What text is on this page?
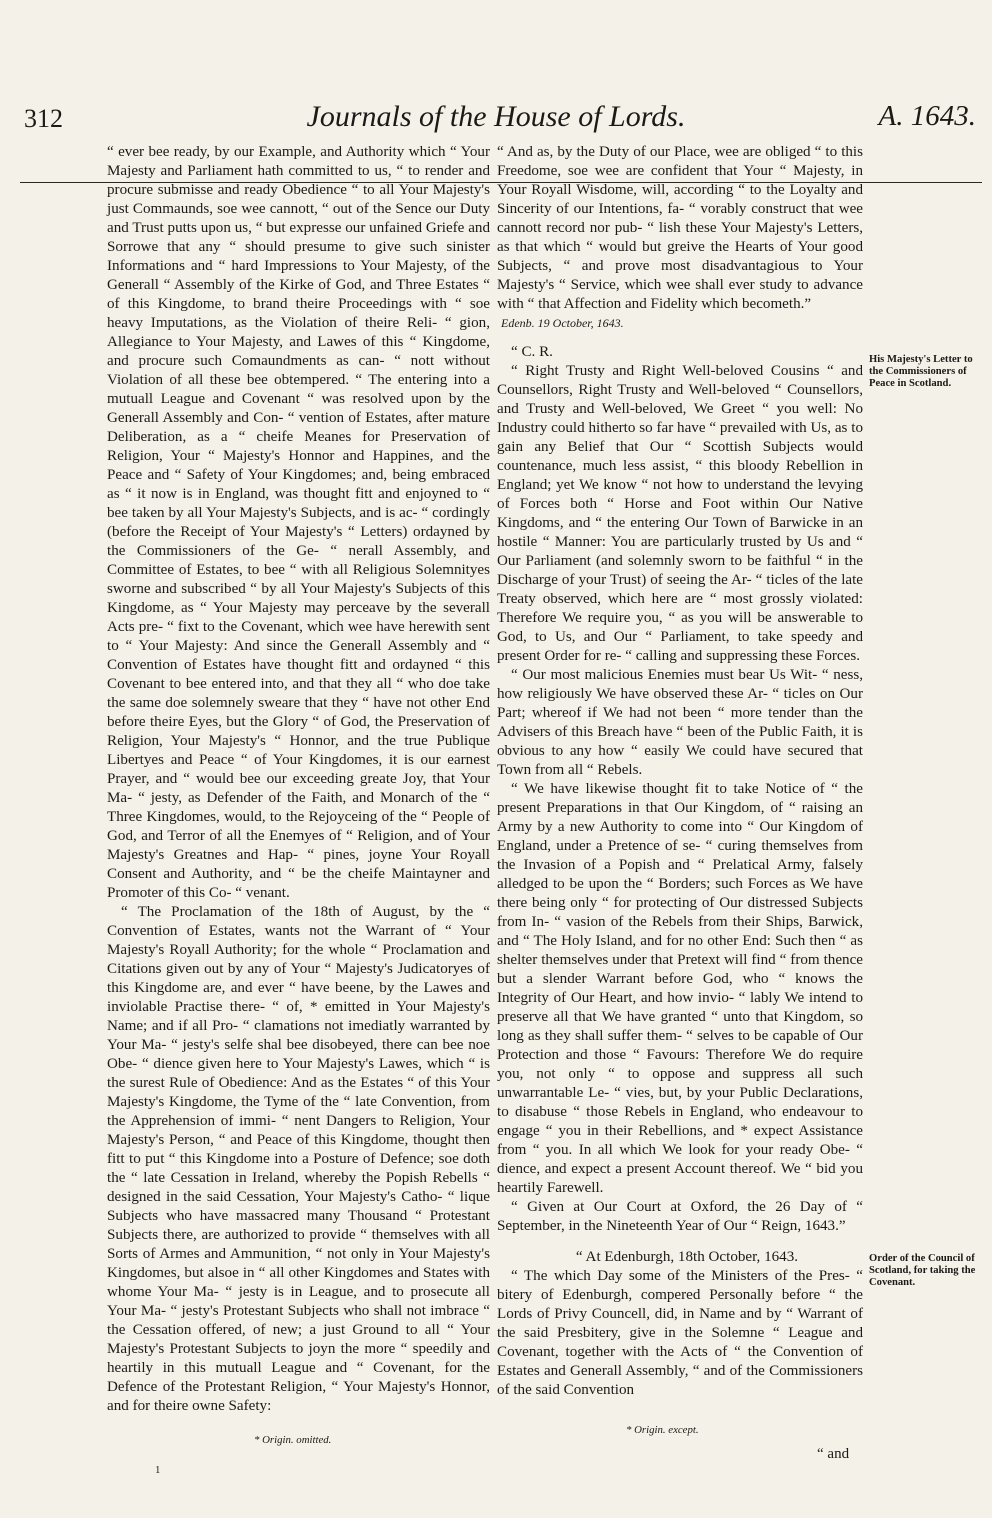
312	Journals of the House of Lords.	A. 1643.

“ ever bee ready, by our Example, and Authority which “ Your Majesty and Parliament hath committed to us, “ to render and procure submisse and ready Obedience “ to all Your Majesty's just Commaunds, soe wee cannott, “ out of the Sence our Duty and Trust putts upon us, “ but expresse our unfained Griefe and Sorrowe that any “ should presume to give such sinister Informations and “ hard Impressions to Your Majesty, of the Generall “ Assembly of the Kirke of God, and Three Estates “ of this Kingdome, to brand theire Proceedings with “ soe heavy Imputations, as the Violation of theire Reli- “ gion, Allegiance to Your Majesty, and Lawes of this “ Kingdome, and procure such Comaundments as can- “ nott without Violation of all these bee obtempered. “ The entering into a mutuall League and Covenant “ was resolved upon by the Generall Assembly and Con- “ vention of Estates, after mature Deliberation, as a “ cheife Meanes for Preservation of Religion, Your “ Majesty's Honnor and Happines, and the Peace and “ Safety of Your Kingdomes; and, being embraced as “ it now is in England, was thought fitt and enjoyned to “ bee taken by all Your Majesty's Subjects, and is ac- “ cordingly (before the Receipt of Your Majesty's “ Letters) ordayned by the Commissioners of the Ge- “ nerall Assembly, and Committee of Estates, to bee “ with all Religious Solemnityes sworne and subscribed “ by all Your Majesty's Subjects of this Kingdome, as “ Your Majesty may perceave by the severall Acts pre- “ fixt to the Covenant, which wee have herewith sent to “ Your Majesty: And since the Generall Assembly and “ Convention of Estates have thought fitt and ordayned “ this Covenant to bee entered into, and that they all “ who doe take the same doe solemnely sweare that they “ have not other End before theire Eyes, but the Glory “ of God, the Preservation of Religion, Your Majesty's “ Honnor, and the true Publique Libertyes and Peace “ of Your Kingdomes, it is our earnest Prayer, and “ would bee our exceeding greate Joy, that Your Ma- “ jesty, as Defender of the Faith, and Monarch of the “ Three Kingdomes, would, to the Rejoyceing of the “ People of God, and Terror of all the Enemyes of “ Religion, and of Your Majesty's Greatnes and Hap- “ pines, joyne Your Royall Consent and Authority, and “ be the cheife Maintayner and Promoter of this Co- “ venant.

“ The Proclamation of the 18th of August, by the “ Convention of Estates, wants not the Warrant of “ Your Majesty's Royall Authority; for the whole “ Proclamation and Citations given out by any of Your “ Majesty's Judicatoryes of this Kingdome are, and ever “ have beene, by the Lawes and inviolable Practise there- “ of, * emitted in Your Majesty's Name; and if all Pro- “ clamations not imediatly warranted by Your Ma- “ jesty's selfe shal bee disobeyed, there can bee noe Obe- “ dience given here to Your Majesty's Lawes, which “ is the surest Rule of Obedience: And as the Estates “ of this Your Majesty's Kingdome, the Tyme of the “ late Convention, from the Apprehension of immi- “ nent Dangers to Religion, Your Majesty's Person, “ and Peace of this Kingdome, thought then fitt to put “ this Kingdome into a Posture of Defence; soe doth the “ late Cessation in Ireland, whereby the Popish Rebells “ designed in the said Cessation, Your Majesty's Catho- “ lique Subjects who have massacred many Thousand “ Protestant Subjects there, are authorized to provide “ themselves with all Sorts of Armes and Ammunition, “ not only in Your Majesty's Kingdomes, but alsoe in “ all other Kingdomes and States with whome Your Ma- “ jesty is in League, and to prosecute all Your Ma- “ jesty's Protestant Subjects who shall not imbrace “ the Cessation offered, of new; a just Ground to all “ Your Majesty's Protestant Subjects to joyn the more “ speedily and heartily in this mutuall League and “ Covenant, for the Defence of the Protestant Religion, “ Your Majesty's Honnor, and for theire owne Safety:

* Origin. omitted.
1

“ And as, by the Duty of our Place, wee are obliged “ to this Freedome, soe wee are confident that Your “ Majesty, in Your Royall Wisdome, will, according “ to the Loyalty and Sincerity of our Intentions, fa- “ vorably construct that wee cannott record nor pub- “ lish these Your Majesty's Letters, as that which “ would but greive the Hearts of Your good Subjects, “ and prove most disadvantagious to Your Majesty's “ Service, which wee shall ever study to advance with “ that Affection and Fidelity which becometh.”

Edenb. 19 October, 1643.

“ C. R.

“ Right Trusty and Right Well-beloved Cousins “ and Counsellors, Right Trusty and Well-beloved “ Counsellors, and Trusty and Well-beloved, We Greet “ you well: No Industry could hitherto so far have “ prevailed with Us, as to gain any Belief that Our “ Scottish Subjects would countenance, much less assist, “ this bloody Rebellion in England; yet We know “ not how to understand the levying of Forces both “ Horse and Foot within Our Native Kingdoms, and “ the entering Our Town of Barwicke in an hostile “ Manner: You are particularly trusted by Us and “ Our Parliament (and solemnly sworn to be faithful “ in the Discharge of your Trust) of seeing the Ar- “ ticles of the late Treaty observed, which here are “ most grossly violated: Therefore We require you, “ as you will be answerable to God, to Us, and Our “ Parliament, to take speedy and present Order for re- “ calling and suppressing these Forces.

“ Our most malicious Enemies must bear Us Wit- “ ness, how religiously We have observed these Ar- “ ticles on Our Part; whereof if We had not been “ more tender than the Advisers of this Breach have “ been of the Public Faith, it is obvious to any how “ easily We could have secured that Town from all “ Rebels.

“ We have likewise thought fit to take Notice of “ the present Preparations in that Our Kingdom, of “ raising an Army by a new Authority to come into “ Our Kingdom of England, under a Pretence of se- “ curing themselves from the Invasion of a Popish and “ Prelatical Army, falsely alledged to be upon the “ Borders; such Forces as We have there being only “ for protecting of Our distressed Subjects from In- “ vasion of the Rebels from their Ships, Barwick, and “ The Holy Island, and for no other End: Such then “ as shelter themselves under that Pretext will find “ from thence but a slender Warrant before God, who “ knows the Integrity of Our Heart, and how invio- “ lably We intend to preserve all that We have granted “ unto that Kingdom, so long as they shall suffer them- “ selves to be capable of Our Protection and those “ Favours: Therefore We do require you, not only “ to oppose and suppress all such unwarrantable Le- “ vies, but, by your Public Declarations, to disabuse “ those Rebels in England, who endeavour to engage “ you in their Rebellions, and * expect Assistance from “ you. In all which We look for your ready Obe- “ dience, and expect a present Account thereof. We “ bid you heartily Farewell.

“ Given at Our Court at Oxford, the 26 Day of “ September, in the Nineteenth Year of Our “ Reign, 1643.”

“ At Edenburgh, 18th October, 1643.

“ The which Day some of the Ministers of the Pres- “ bitery of Edenburgh, compered Personally before “ the Lords of Privy Councell, did, in Name and by “ Warrant of the said Presbitery, give in the Solemne “ League and Covenant, together with the Acts of “ the Convention of Estates and Generall Assembly, “ and of the Commissioners of the said Convention

* Origin. except.
“ and
His Majesty's Letter to the Commissioners of Peace in Scotland.
Order of the Council of Scotland, for taking the Covenant.
